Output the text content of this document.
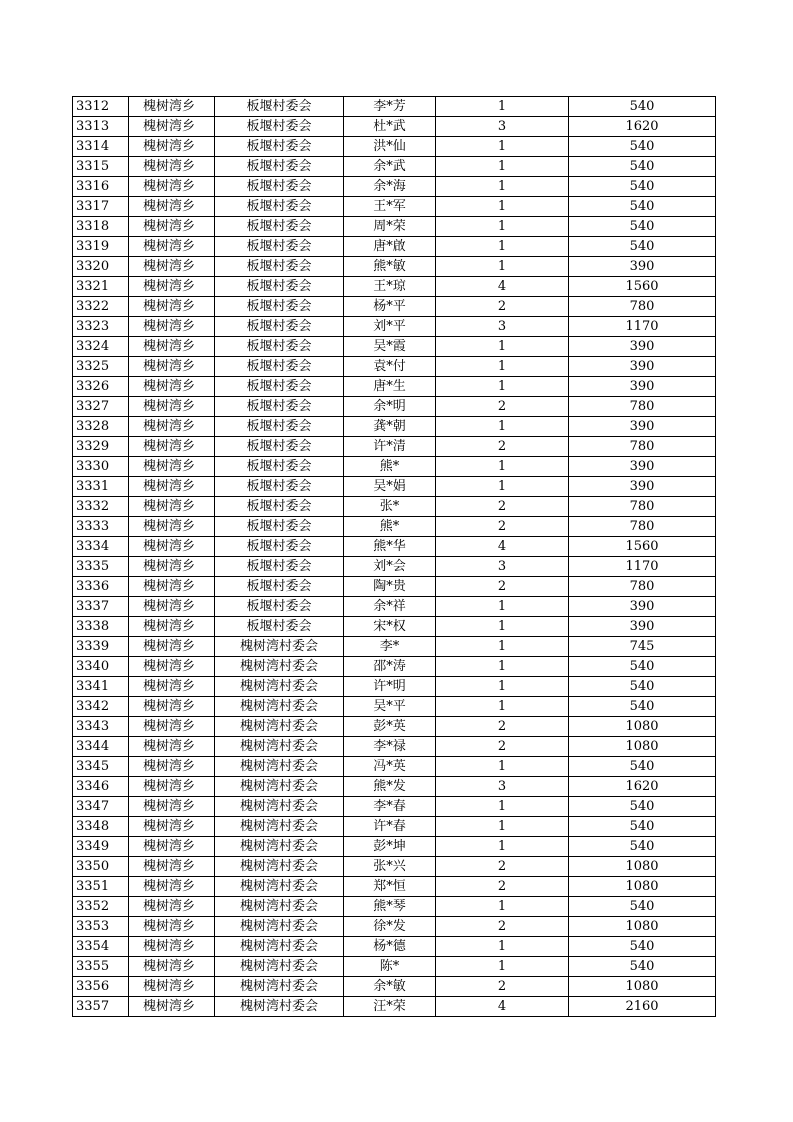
3312	槐树湾乡	板堰村委会	李*芳	1	540
3313	槐树湾乡	板堰村委会	杜*武	3	1620
3314	槐树湾乡	板堰村委会	洪*仙	1	540
3315	槐树湾乡	板堰村委会	余*武	1	540
3316	槐树湾乡	板堰村委会	余*海	1	540
3317	槐树湾乡	板堰村委会	王*军	1	540
3318	槐树湾乡	板堰村委会	周*荣	1	540
3319	槐树湾乡	板堰村委会	唐*啟	1	540
3320	槐树湾乡	板堰村委会	熊*敏	1	390
3321	槐树湾乡	板堰村委会	王*琼	4	1560
3322	槐树湾乡	板堰村委会	杨*平	2	780
3323	槐树湾乡	板堰村委会	刘*平	3	1170
3324	槐树湾乡	板堰村委会	吴*霞	1	390
3325	槐树湾乡	板堰村委会	袁*付	1	390
3326	槐树湾乡	板堰村委会	唐*生	1	390
3327	槐树湾乡	板堰村委会	余*明	2	780
3328	槐树湾乡	板堰村委会	龚*朝	1	390
3329	槐树湾乡	板堰村委会	许*清	2	780
3330	槐树湾乡	板堰村委会	熊*	1	390
3331	槐树湾乡	板堰村委会	吴*娟	1	390
3332	槐树湾乡	板堰村委会	张*	2	780
3333	槐树湾乡	板堰村委会	熊*	2	780
3334	槐树湾乡	板堰村委会	熊*华	4	1560
3335	槐树湾乡	板堰村委会	刘*会	3	1170
3336	槐树湾乡	板堰村委会	陶*贵	2	780
3337	槐树湾乡	板堰村委会	余*祥	1	390
3338	槐树湾乡	板堰村委会	宋*权	1	390
3339	槐树湾乡	槐树湾村委会	李*	1	745
3340	槐树湾乡	槐树湾村委会	邵*涛	1	540
3341	槐树湾乡	槐树湾村委会	许*明	1	540
3342	槐树湾乡	槐树湾村委会	吴*平	1	540
3343	槐树湾乡	槐树湾村委会	彭*英	2	1080
3344	槐树湾乡	槐树湾村委会	李*禄	2	1080
3345	槐树湾乡	槐树湾村委会	冯*英	1	540
3346	槐树湾乡	槐树湾村委会	熊*发	3	1620
3347	槐树湾乡	槐树湾村委会	李*春	1	540
3348	槐树湾乡	槐树湾村委会	许*春	1	540
3349	槐树湾乡	槐树湾村委会	彭*坤	1	540
3350	槐树湾乡	槐树湾村委会	张*兴	2	1080
3351	槐树湾乡	槐树湾村委会	郑*恒	2	1080
3352	槐树湾乡	槐树湾村委会	熊*琴	1	540
3353	槐树湾乡	槐树湾村委会	徐*发	2	1080
3354	槐树湾乡	槐树湾村委会	杨*德	1	540
3355	槐树湾乡	槐树湾村委会	陈*	1	540
3356	槐树湾乡	槐树湾村委会	余*敏	2	1080
3357	槐树湾乡	槐树湾村委会	汪*荣	4	2160
